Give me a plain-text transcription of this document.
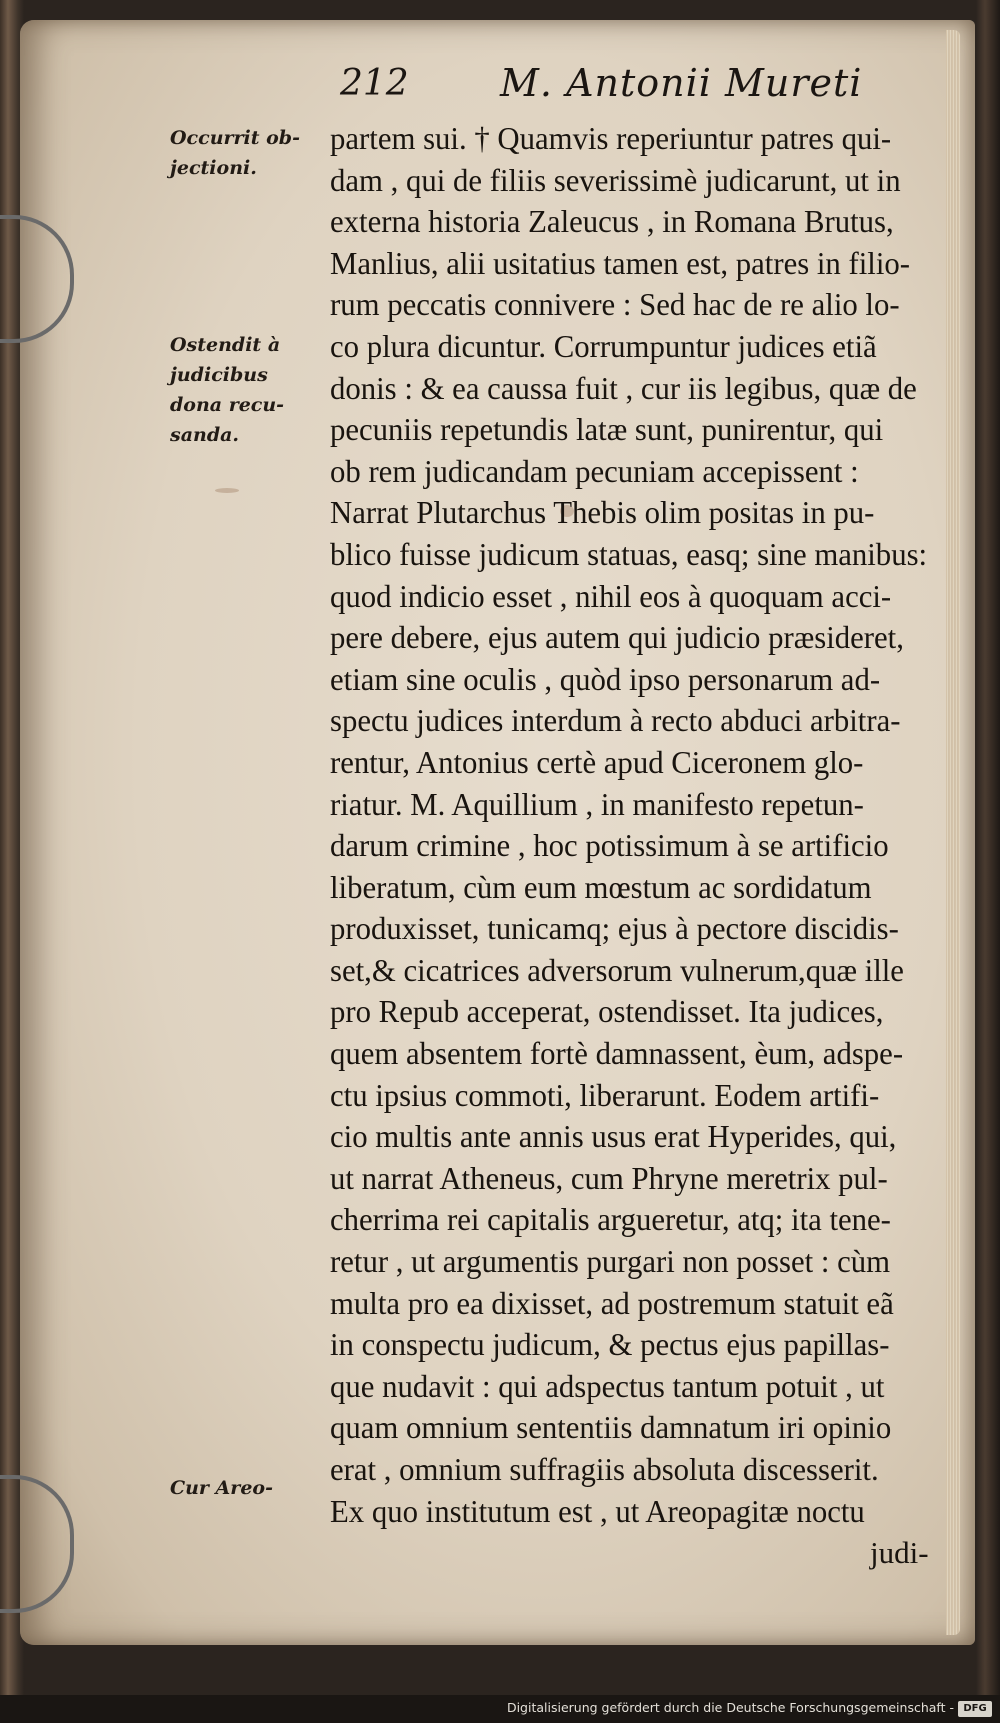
212 M. Antonii Mureti
Occurrit ob-
jectioni.
Ostendit à
judicibus
dona recu-
sanda.
Cur Areo-
partem sui. † Quamvis reperiuntur patres qui-
dam , qui de filiis severissimè judicarunt, ut in
externa historia Zaleucus , in Romana Brutus,
Manlius, alii usitatius tamen est, patres in filio-
rum peccatis connivere : Sed hac de re alio lo-
co plura dicuntur. Corrumpuntur judices etiã
donis : & ea caussa fuit , cur iis legibus, quæ de
pecuniis repetundis latæ sunt, punirentur, qui
ob rem judicandam pecuniam accepissent :
Narrat Plutarchus Thebis olim positas in pu-
blico fuisse judicum statuas, easq; sine manibus:
quod indicio esset , nihil eos à quoquam acci-
pere debere, ejus autem qui judicio præsideret,
etiam sine oculis , quòd ipso personarum ad-
spectu judices interdum à recto abduci arbitra-
rentur, Antonius certè apud Ciceronem glo-
riatur. M. Aquillium , in manifesto repetun-
darum crimine , hoc potissimum à se artificio
liberatum, cùm eum mœstum ac sordidatum
produxisset, tunicamq; ejus à pectore discidis-
set,& cicatrices adversorum vulnerum,quæ ille
pro Repub acceperat, ostendisset. Ita judices,
quem absentem fortè damnassent, èum, adspe-
ctu ipsius commoti, liberarunt. Eodem artifi-
cio multis ante annis usus erat Hyperides, qui,
ut narrat Atheneus, cum Phryne meretrix pul-
cherrima rei capitalis argueretur, atq; ita tene-
retur , ut argumentis purgari non posset : cùm
multa pro ea dixisset, ad postremum statuit eã
in conspectu judicum, & pectus ejus papillas-
que nudavit : qui adspectus tantum potuit , ut
quam omnium sententiis damnatum iri opinio
erat , omnium suffragiis absoluta discesserit.
Ex quo institutum est , ut Areopagitæ noctu
judi-
Digitalisierung gefördert durch die Deutsche Forschungsgemeinschaft - DFG
